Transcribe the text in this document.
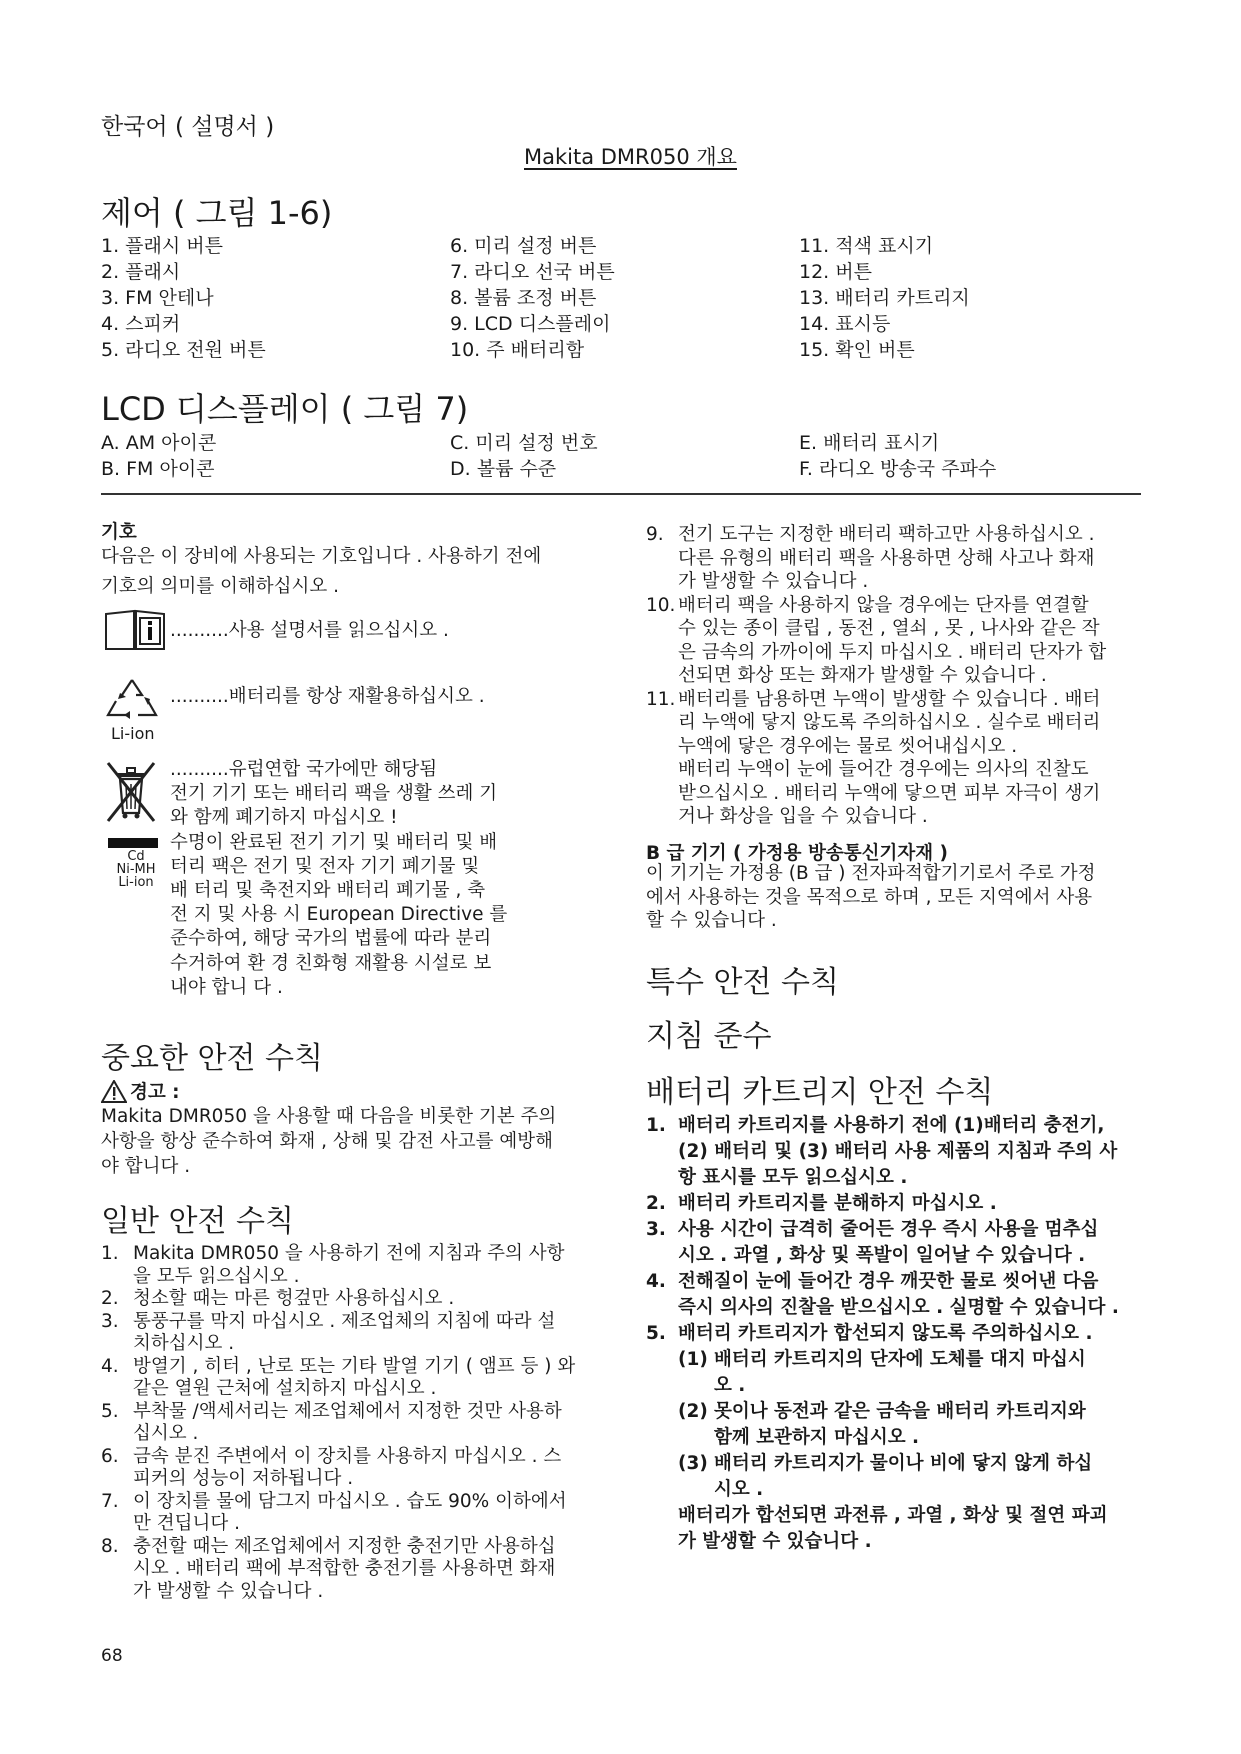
한국어 ( 설명서 )
Makita DMR050 개요
제어 ( 그림 1-6)
1. 플래시 버튼	6. 미리 설정 버튼	11. 적색 표시기
2. 플래시	7. 라디오 선국 버튼	12. 버튼
3. FM 안테나	8. 볼륨 조정 버튼	13. 배터리 카트리지
4. 스피커	9. LCD 디스플레이	14. 표시등
5. 라디오 전원 버튼	10. 주 배터리함	15. 확인 버튼
LCD 디스플레이 ( 그림 7)
A. AM 아이콘	C. 미리 설정 번호	E. 배터리 표시기
B. FM 아이콘	D. 볼륨 수준	F. 라디오 방송국 주파수
기호

다음은 이 장비에 사용되는 기호입니다 . 사용하기 전에

기호의 의미를 이해하십시오 .

..........사용 설명서를 읽으십시오 .
Li-ion
..........배터리를 항상 재활용하십시오 .
Cd
Ni-MH
Li-ion
..........유럽연합 국가에만 해당됨
전기 기기 또는 배터리 팩을 생활 쓰레 기
와 함께 폐기하지 마십시오 !
수명이 완료된 전기 기기 및 배터리 및 배
터리 팩은 전기 및 전자 기기 폐기물 및
배 터리 및 축전지와 배터리 폐기물 , 축
전 지 및 사용 시 European Directive 를
준수하여, 해당 국가의 법률에 따라 분리
수거하여 환 경 친화형 재활용 시설로 보
내야 합니 다 .
중요한 안전 수칙
경고 :
Makita DMR050 을 사용할 때 다음을 비롯한 기본 주의
사항을 항상 준수하여 화재 , 상해 및 감전 사고를 예방해
야 합니다 .
일반 안전 수칙
1. Makita DMR050 을 사용하기 전에 지침과 주의 사항
을 모두 읽으십시오 .
2. 청소할 때는 마른 헝겊만 사용하십시오 .
3. 통풍구를 막지 마십시오 . 제조업체의 지침에 따라 설
치하십시오 .
4. 방열기 , 히터 , 난로 또는 기타 발열 기기 ( 앰프 등 ) 와
같은 열원 근처에 설치하지 마십시오 .
5. 부착물 /액세서리는 제조업체에서 지정한 것만 사용하
십시오 .
6. 금속 분진 주변에서 이 장치를 사용하지 마십시오 . 스
피커의 성능이 저하됩니다 .
7. 이 장치를 물에 담그지 마십시오 . 습도 90% 이하에서
만 견딥니다 .
8. 충전할 때는 제조업체에서 지정한 충전기만 사용하십
시오 . 배터리 팩에 부적합한 충전기를 사용하면 화재
가 발생할 수 있습니다 .
9. 전기 도구는 지정한 배터리 팩하고만 사용하십시오 .
다른 유형의 배터리 팩을 사용하면 상해 사고나 화재
가 발생할 수 있습니다 .
10. 배터리 팩을 사용하지 않을 경우에는 단자를 연결할
수 있는 종이 클립 , 동전 , 열쇠 , 못 , 나사와 같은 작
은 금속의 가까이에 두지 마십시오 . 배터리 단자가 합
선되면 화상 또는 화재가 발생할 수 있습니다 .
11. 배터리를 남용하면 누액이 발생할 수 있습니다 . 배터
리 누액에 닿지 않도록 주의하십시오 . 실수로 배터리
누액에 닿은 경우에는 물로 씻어내십시오 .
배터리 누액이 눈에 들어간 경우에는 의사의 진찰도
받으십시오 . 배터리 누액에 닿으면 피부 자극이 생기
거나 화상을 입을 수 있습니다 .
B 급 기기 ( 가정용 방송통신기자재 )
이 기기는 가정용 (B 급 ) 전자파적합기기로서 주로 가정
에서 사용하는 것을 목적으로 하며 , 모든 지역에서 사용
할 수 있습니다 .
특수 안전 수칙
지침 준수
배터리 카트리지 안전 수칙
1. 배터리 카트리지를 사용하기 전에 (1)배터리 충전기,
(2) 배터리 및 (3) 배터리 사용 제품의 지침과 주의 사
항 표시를 모두 읽으십시오 .
2. 배터리 카트리지를 분해하지 마십시오 .
3. 사용 시간이 급격히 줄어든 경우 즉시 사용을 멈추십
시오 . 과열 , 화상 및 폭발이 일어날 수 있습니다 .
4. 전해질이 눈에 들어간 경우 깨끗한 물로 씻어낸 다음
즉시 의사의 진찰을 받으십시오 . 실명할 수 있습니다 .
5. 배터리 카트리지가 합선되지 않도록 주의하십시오 .
(1) 배터리 카트리지의 단자에 도체를 대지 마십시
오 .
(2) 못이나 동전과 같은 금속을 배터리 카트리지와
함께 보관하지 마십시오 .
(3) 배터리 카트리지가 물이나 비에 닿지 않게 하십
시오 .
배터리가 합선되면 과전류 , 과열 , 화상 및 절연 파괴
가 발생할 수 있습니다 .
68
